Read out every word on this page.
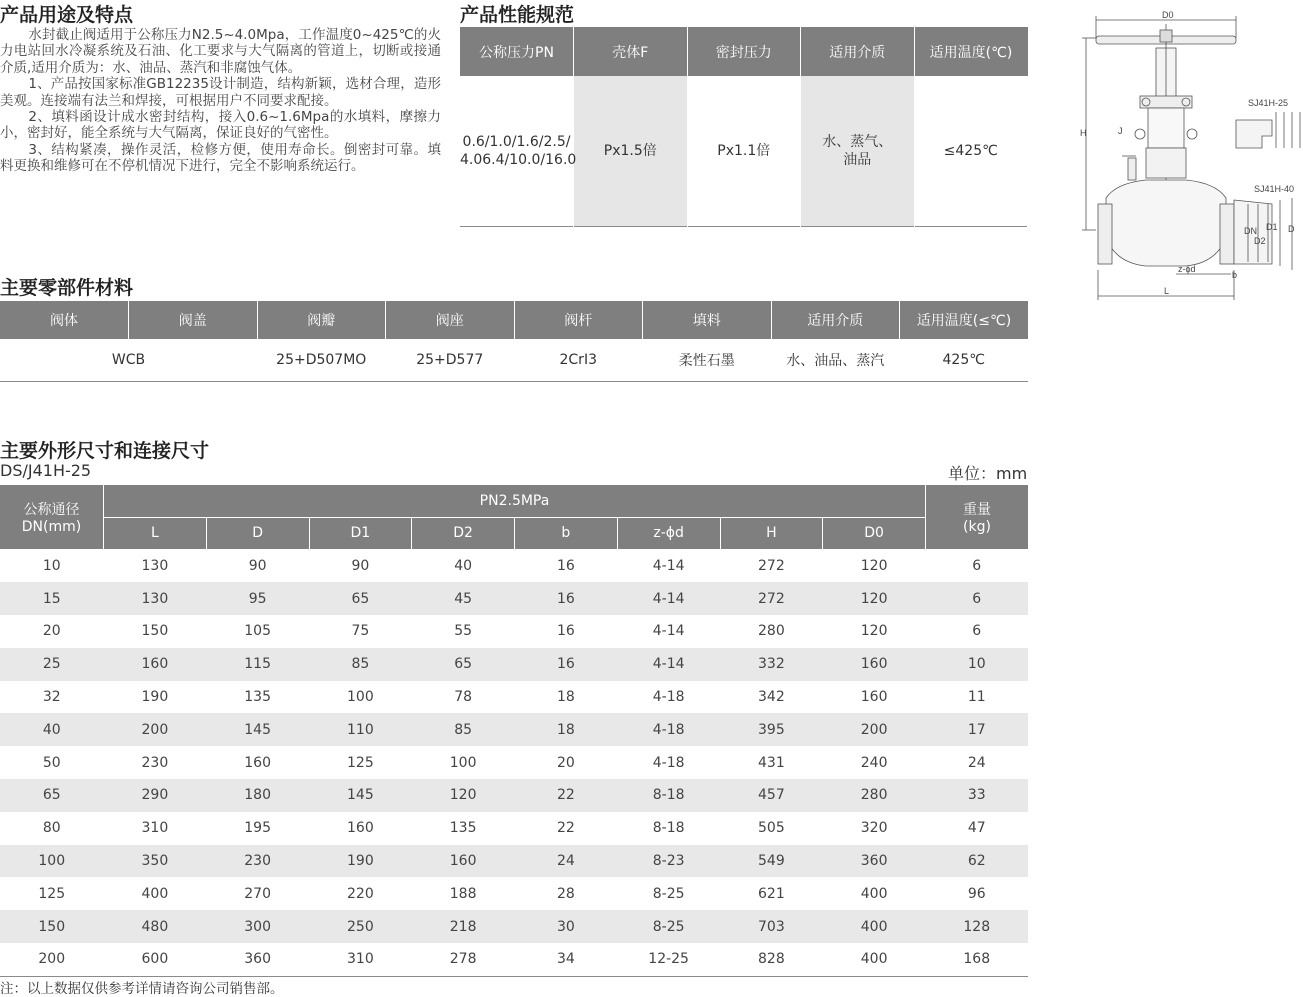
产品用途及特点	产品性能规范

水封截止阀适用于公称压力N2.5~4.0Mpa，工作温度0~425℃的火力电站回水冷凝系统及石油、化工要求与大气隔离的管道上，切断或接通介质,适用介质为：水、油品、蒸汽和非腐蚀气体。

1、产品按国家标准GB12235设计制造，结构新颖，选材合理，造形美观。连接端有法兰和焊接，可根据用户不同要求配接。

2、填料函设计成水密封结构，接入0.6~1.6Mpa的水填料，摩擦力小，密封好，能全系统与大气隔离，保证良好的气密性。

3、结构紧凑，操作灵活，检修方便，使用寿命长。倒密封可靠。填料更换和维修可在不停机情况下进行，完全不影响系统运行。

公称压力PN	壳体F	密封压力	适用介质	适用温度(℃)
0.6/1.0/1.6/2.5/
4.06.4/10.0/16.0	Px1.5倍	Px1.1倍	水、蒸气、
油品	≤425℃
D0
H	J
L
z-ϕd
b
SJ41H-25
SJ41H-40
DN
D2
D1 D
主要零部件材料
阀体	阀盖	阀瓣	阀座	阀杆	填料	适用介质	适用温度(≤℃)
WCB		25+D507MO	25+D577	2CrI3	柔性石墨	水、油品、蒸汽	425℃
主要外形尺寸和连接尺寸
DS/J41H-25	单位：mm
公称通径
DN(mm)	PN2.5MPa								重量
(kg)
	L	D	D1	D2	b	z-ϕd	H	D0	
10	130	90	90	40	16	4-14	272	120	6
15	130	95	65	45	16	4-14	272	120	6
20	150	105	75	55	16	4-14	280	120	6
25	160	115	85	65	16	4-14	332	160	10
32	190	135	100	78	18	4-18	342	160	11
40	200	145	110	85	18	4-18	395	200	17
50	230	160	125	100	20	4-18	431	240	24
65	290	180	145	120	22	8-18	457	280	33
80	310	195	160	135	22	8-18	505	320	47
100	350	230	190	160	24	8-23	549	360	62
125	400	270	220	188	28	8-25	621	400	96
150	480	300	250	218	30	8-25	703	400	128
200	600	360	310	278	34	12-25	828	400	168
注：以上数据仅供参考详情请咨询公司销售部。
